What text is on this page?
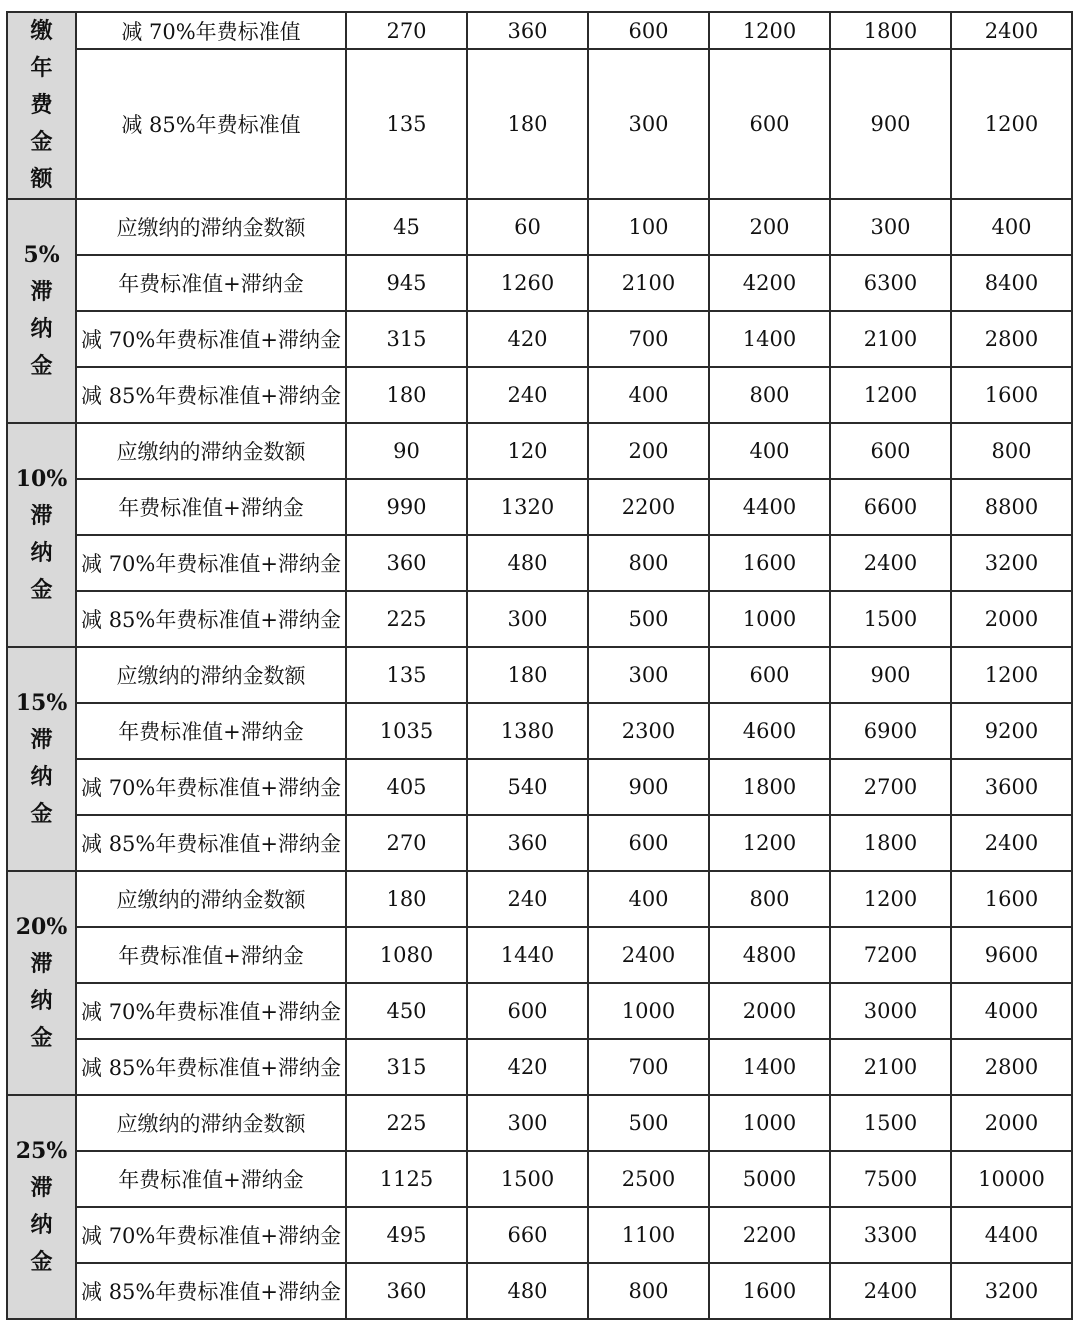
缴
年
费
金
额	减 70%年费标准值	270	360	600	1200	1800	2400
	减 85%年费标准值	135	180	300	600	900	1200

5%
滞
纳
金	应缴纳的滞纳金数额	45	60	100	200	300	400
	年费标准值+滞纳金	945	1260	2100	4200	6300	8400
	减 70%年费标准值+滞纳金	315	420	700	1400	2100	2800
	减 85%年费标准值+滞纳金	180	240	400	800	1200	1600

10%
滞
纳
金	应缴纳的滞纳金数额	90	120	200	400	600	800
	年费标准值+滞纳金	990	1320	2200	4400	6600	8800
	减 70%年费标准值+滞纳金	360	480	800	1600	2400	3200
	减 85%年费标准值+滞纳金	225	300	500	1000	1500	2000

15%
滞
纳
金	应缴纳的滞纳金数额	135	180	300	600	900	1200
	年费标准值+滞纳金	1035	1380	2300	4600	6900	9200
	减 70%年费标准值+滞纳金	405	540	900	1800	2700	3600
	减 85%年费标准值+滞纳金	270	360	600	1200	1800	2400

20%
滞
纳
金	应缴纳的滞纳金数额	180	240	400	800	1200	1600
	年费标准值+滞纳金	1080	1440	2400	4800	7200	9600
	减 70%年费标准值+滞纳金	450	600	1000	2000	3000	4000
	减 85%年费标准值+滞纳金	315	420	700	1400	2100	2800

25%
滞
纳
金	应缴纳的滞纳金数额	225	300	500	1000	1500	2000
	年费标准值+滞纳金	1125	1500	2500	5000	7500	10000
	减 70%年费标准值+滞纳金	495	660	1100	2200	3300	4400
	减 85%年费标准值+滞纳金	360	480	800	1600	2400	3200
